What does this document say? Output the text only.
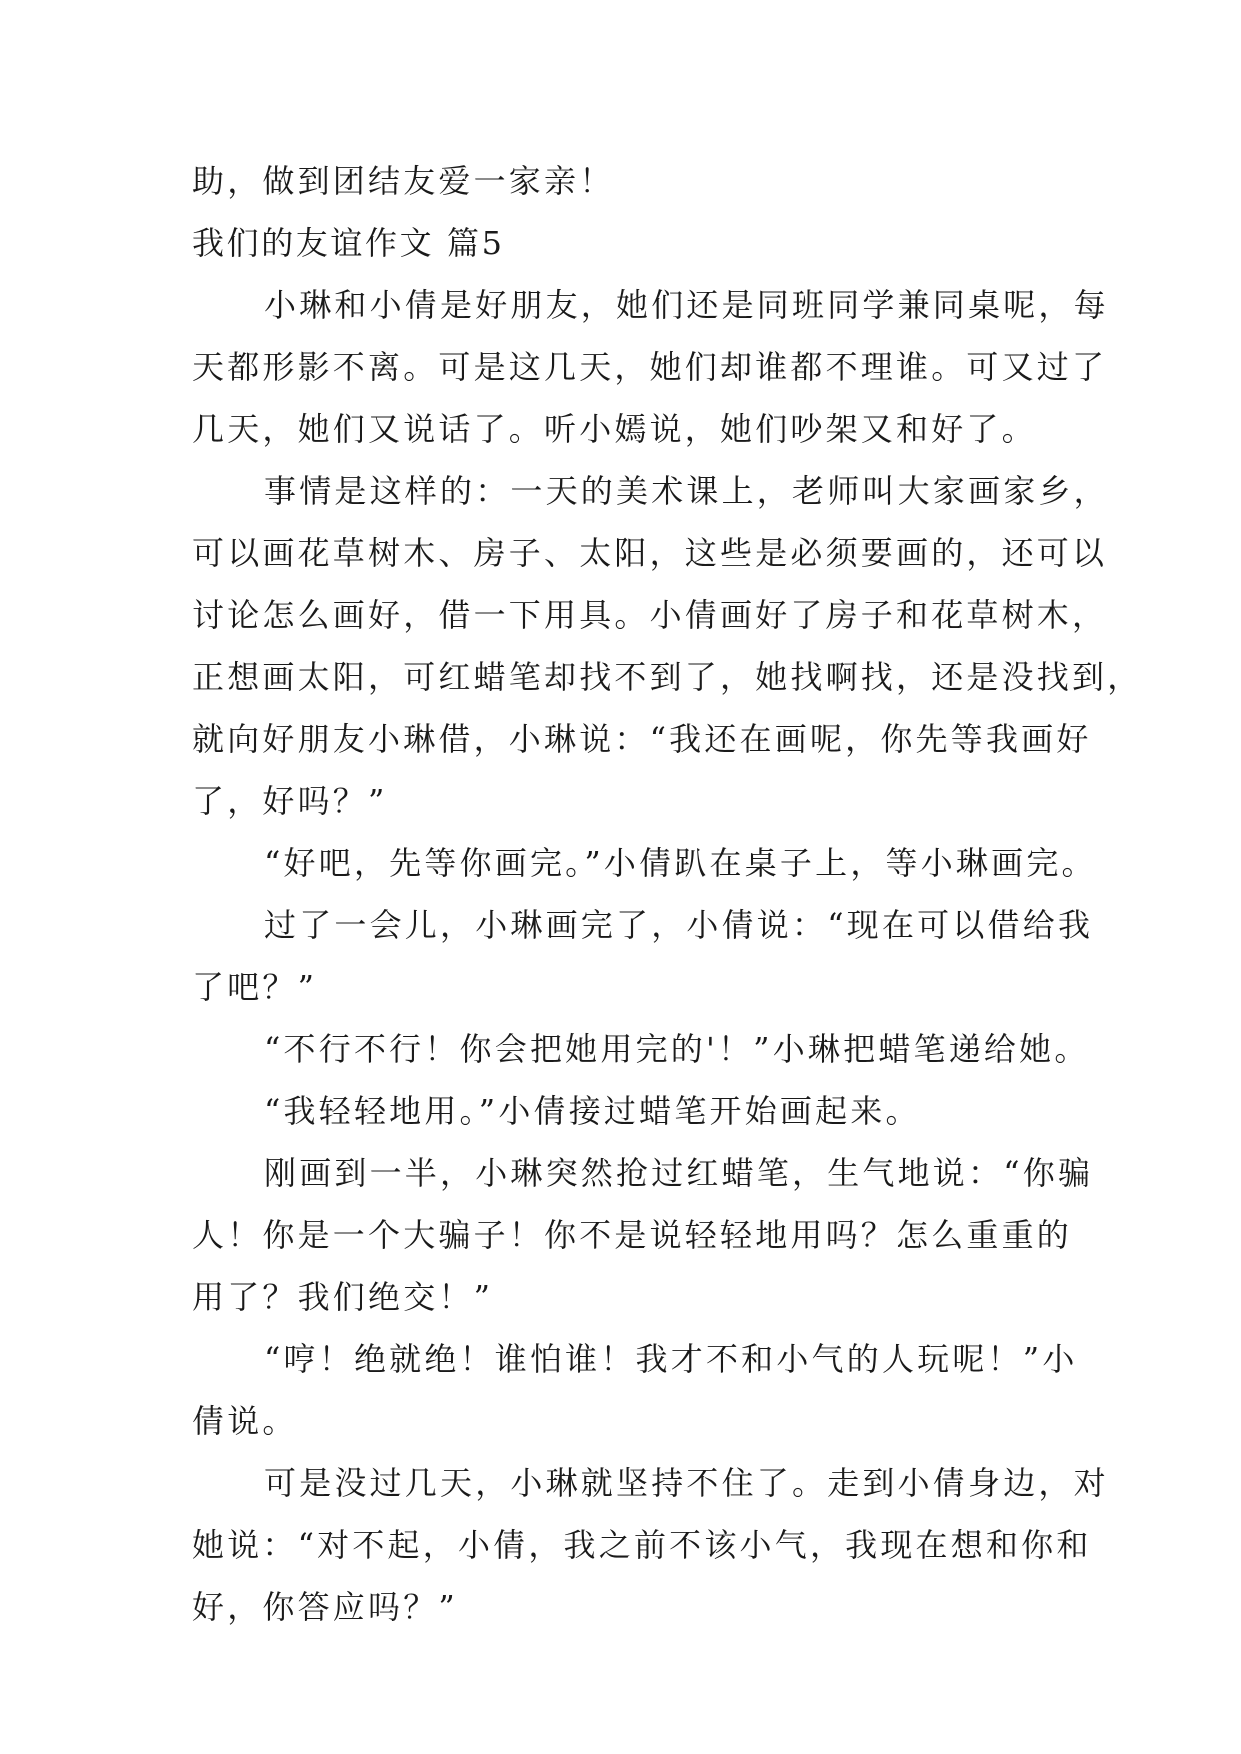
助，做到团结友爱一家亲！
我们的友谊作文 篇5
小琳和小倩是好朋友，她们还是同班同学兼同桌呢，每
天都形影不离。可是这几天，她们却谁都不理谁。可又过了
几天，她们又说话了。听小嫣说，她们吵架又和好了。
事情是这样的：一天的美术课上，老师叫大家画家乡，
可以画花草树木、房子、太阳，这些是必须要画的，还可以
讨论怎么画好，借一下用具。小倩画好了房子和花草树木，
正想画太阳，可红蜡笔却找不到了，她找啊找，还是没找到，
就向好朋友小琳借，小琳说：“我还在画呢，你先等我画好
了，好吗？”
“好吧，先等你画完。”小倩趴在桌子上，等小琳画完。
过了一会儿，小琳画完了，小倩说：“现在可以借给我
了吧？”
“不行不行！你会把她用完的'！”小琳把蜡笔递给她。
“我轻轻地用。”小倩接过蜡笔开始画起来。
刚画到一半，小琳突然抢过红蜡笔，生气地说：“你骗
人！你是一个大骗子！你不是说轻轻地用吗？怎么重重的
用了？我们绝交！”
“哼！绝就绝！谁怕谁！我才不和小气的人玩呢！”小
倩说。
可是没过几天，小琳就坚持不住了。走到小倩身边，对
她说：“对不起，小倩，我之前不该小气，我现在想和你和
好，你答应吗？”
